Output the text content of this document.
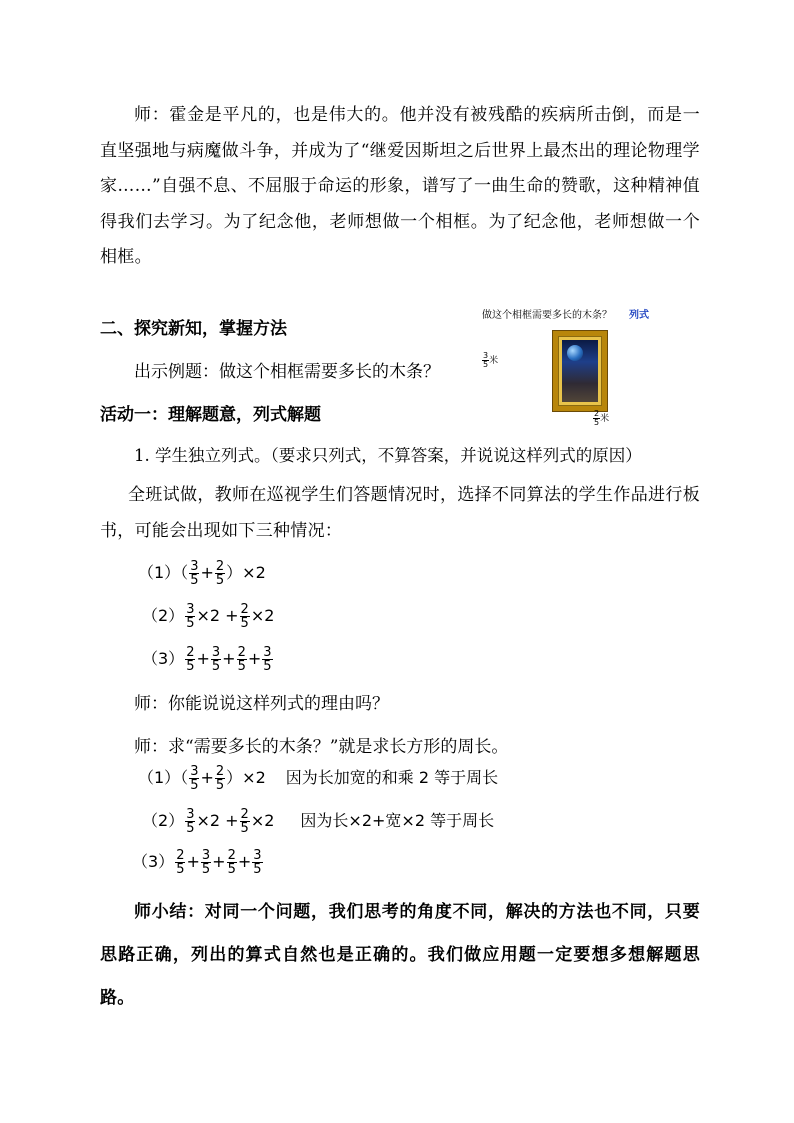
师：霍金是平凡的，也是伟大的。他并没有被残酷的疾病所击倒，而是一直坚强地与病魔做斗争，并成为了“继爱因斯坦之后世界上最杰出的理论物理学家……”自强不息、不屈服于命运的形象，谱写了一曲生命的赞歌，这种精神值得我们去学习。为了纪念他，老师想做一个相框。为了纪念他，老师想做一个相框。
二、探究新知，掌握方法
做这个相框需要多长的木条？ 列式
$\frac{3}{5}$ 米
$\frac{2}{5}$ 米
出示例题：做这个相框需要多长的木条？
活动一：理解题意，列式解题
1. 学生独立列式。（要求只列式，不算答案，并说说这样列式的原因）
全班试做，教师在巡视学生们答题情况时，选择不同算法的学生作品进行板书，可能会出现如下三种情况：
$(1)( \frac{3}{5} + \frac{2}{5} )\times 2$
$(2) \frac{3}{5} \times 2 + \frac{2}{5} \times 2$
$(3) \frac{2}{5} + \frac{3}{5} + \frac{2}{5} + \frac{3}{5}$
师：你能说说这样列式的理由吗？
师：求“需要多长的木条？”就是求长方形的周长。
$(1)( \frac{3}{5} + \frac{2}{5} )\times 2$ 因为长加宽的和乘 2 等于周长
$(2) \frac{3}{5} \times 2 + \frac{2}{5} \times 2$ 因为长×2+宽×2 等于周长
$(3) \frac{2}{5} + \frac{3}{5} + \frac{2}{5} + \frac{3}{5}$
师小结：对同一个问题，我们思考的角度不同，解决的方法也不同，只要思路正确，列出的算式自然也是正确的。我们做应用题一定要想多想解题思路。
